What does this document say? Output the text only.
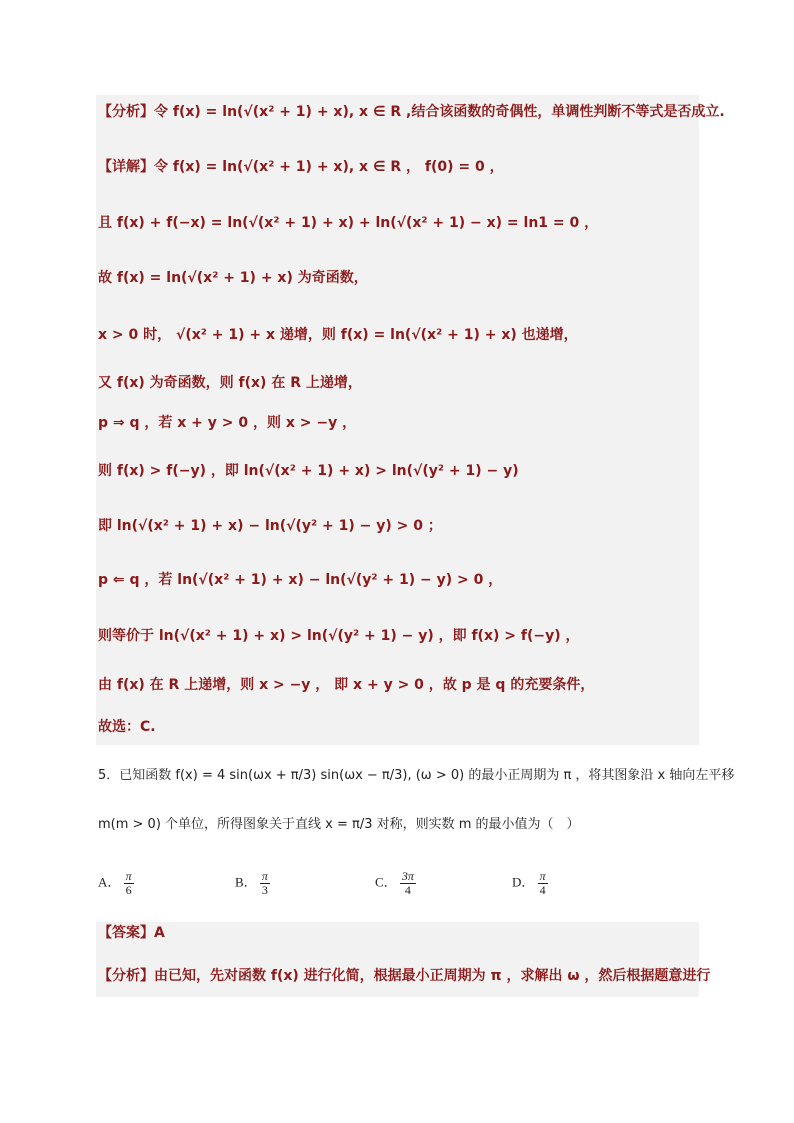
【分析】令 f(x) = ln(√(x² + 1) + x), x ∈ R ,结合该函数的奇偶性，单调性判断不等式是否成立.
【详解】令 f(x) = ln(√(x² + 1) + x), x ∈ R ， f(0) = 0 ，
且 f(x) + f(−x) = ln(√(x² + 1) + x) + ln(√(x² + 1) − x) = ln1 = 0 ，
故 f(x) = ln(√(x² + 1) + x) 为奇函数，
x > 0 时， √(x² + 1) + x 递增，则 f(x) = ln(√(x² + 1) + x) 也递增，
又 f(x) 为奇函数，则 f(x) 在 R 上递增，
p ⇒ q ，若 x + y > 0 ，则 x > −y ，
则 f(x) > f(−y) ，即 ln(√(x² + 1) + x) > ln(√(y² + 1) − y)
即 ln(√(x² + 1) + x) − ln(√(y² + 1) − y) > 0 ；
p ⇐ q ，若 ln(√(x² + 1) + x) − ln(√(y² + 1) − y) > 0 ，
则等价于 ln(√(x² + 1) + x) > ln(√(y² + 1) − y) ，即 f(x) > f(−y) ，
由 f(x) 在 R 上递增，则 x > −y ， 即 x + y > 0 ，故 p 是 q 的充要条件，
故选：C.
5．已知函数 f(x) = 4 sin(ωx + π/3) sin(ωx − π/3), (ω > 0) 的最小正周期为 π ，将其图象沿 x 轴向左平移
m(m > 0) 个单位，所得图象关于直线 x = π/3 对称，则实数 m 的最小值为（　）
A． $\frac{\pi}{6}$	B． $\frac{\pi}{3}$	C． $\frac{3\pi}{4}$	D． $\frac{\pi}{4}$
【答案】A
【分析】由已知，先对函数 f(x) 进行化简，根据最小正周期为 π ，求解出 ω ，然后根据题意进行
